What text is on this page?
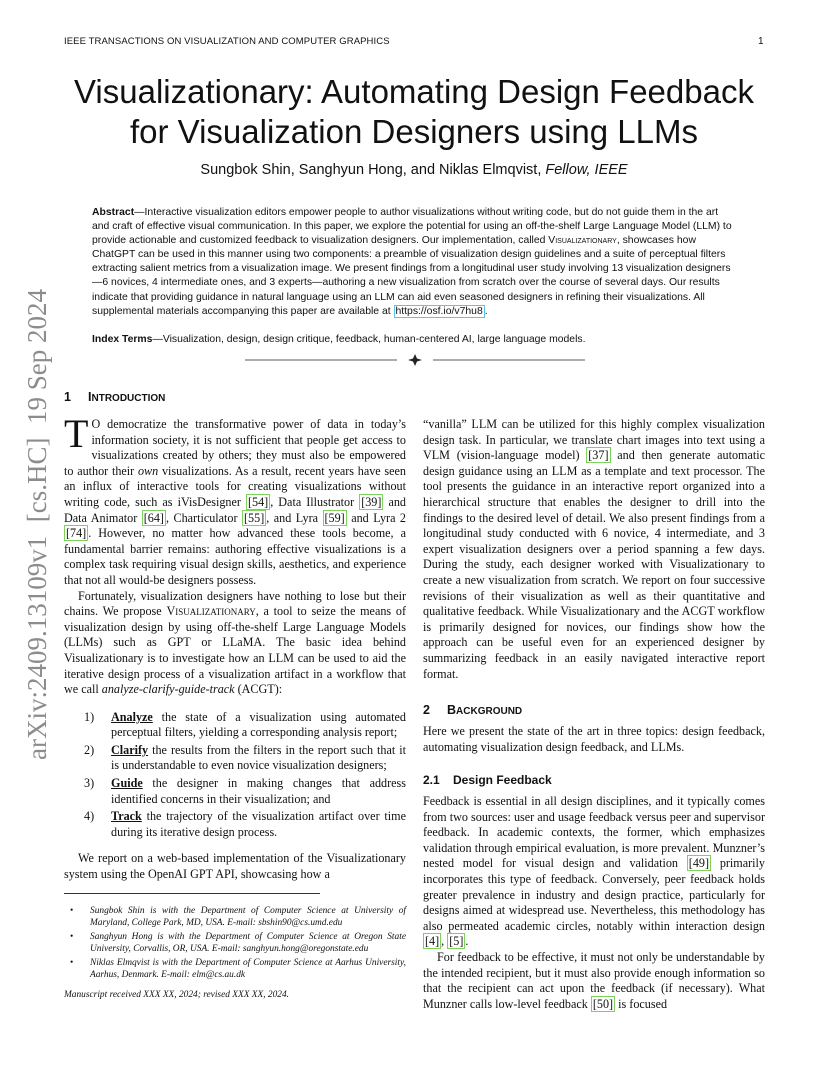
IEEE TRANSACTIONS ON VISUALIZATION AND COMPUTER GRAPHICS	1
arXiv:2409.13109v1  [cs.HC]  19 Sep 2024
Visualizationary: Automating Design Feedback
for Visualization Designers using LLMs
Sungbok Shin, Sanghyun Hong, and Niklas Elmqvist, Fellow, IEEE

Abstract—Interactive visualization editors empower people to author visualizations without writing code, but do not guide them in the art and craft of effective visual communication. In this paper, we explore the potential for using an off-the-shelf Large Language Model (LLM) to provide actionable and customized feedback to visualization designers. Our implementation, called Visualizationary, showcases how ChatGPT can be used in this manner using two components: a preamble of visualization design guidelines and a suite of perceptual filters extracting salient metrics from a visualization image. We present findings from a longitudinal user study involving 13 visualization designers—6 novices, 4 intermediate ones, and 3 experts—authoring a new visualization from scratch over the course of several days. Our results indicate that providing guidance in natural language using an LLM can aid even seasoned designers in refining their visualizations. All supplemental materials accompanying this paper are available at https://osf.io/v7hu8 .

Index Terms—Visualization, design, design critique, feedback, human-centered AI, large language models.

1 INTRODUCTION

T O democratize the transformative power of data in today’s information society, it is not sufficient that people get access to visualizations created by others; they must also be empowered to author their own visualizations. As a result, recent years have seen an influx of interactive tools for creating visualizations without writing code, such as iVisDesigner [54] , Data Illustrator [39] and Data Animator [64] , Charticulator [55] , and Lyra [59] and Lyra 2 [74] . However, no matter how advanced these tools become, a fundamental barrier remains: authoring effective visualizations is a complex task requiring visual design skills, aesthetics, and experience that not all would-be designers possess.

Fortunately, visualization designers have nothing to lose but their chains. We propose Visualizationary, a tool to seize the means of visualization design by using off-the-shelf Large Language Models (LLMs) such as GPT or LLaMA. The basic idea behind Visualizationary is to investigate how an LLM can be used to aid the iterative design process of a visualization artifact in a workflow that we call analyze-clarify-guide-track (ACGT):

1) Analyze the state of a visualization using automated perceptual filters, yielding a corresponding analysis report;
2) Clarify the results from the filters in the report such that it is understandable to even novice visualization designers;
3) Guide the designer in making changes that address identified concerns in their visualization; and
4) Track the trajectory of the visualization artifact over time during its iterative design process.

We report on a web-based implementation of the Visualizationary system using the OpenAI GPT API, showcasing how a

• Sungbok Shin is with the Department of Computer Science at University of Maryland, College Park, MD, USA. E-mail: sbshin90@cs.umd.edu

• Sanghyun Hong is with the Department of Computer Science at Oregon State University, Corvallis, OR, USA. E-mail: sanghyun.hong@oregonstate.edu

• Niklas Elmqvist is with the Department of Computer Science at Aarhus University, Aarhus, Denmark. E-mail: elm@cs.au.dk

Manuscript received XXX XX, 2024; revised XXX XX, 2024.

“vanilla” LLM can be utilized for this highly complex visualization design task. In particular, we translate chart images into text using a VLM (vision-language model) [37] and then generate automatic design guidance using an LLM as a template and text processor. The tool presents the guidance in an interactive report organized into a hierarchical structure that enables the designer to drill into the findings to the desired level of detail. We also present findings from a longitudinal study conducted with 6 novice, 4 intermediate, and 3 expert visualization designers over a period spanning a few days. During the study, each designer worked with Visualizationary to create a new visualization from scratch. We report on four successive revisions of their visualization as well as their quantitative and qualitative feedback. While Visualizationary and the ACGT workflow is primarily designed for novices, our findings show how the approach can be useful even for an experienced designer by summarizing feedback in an easily navigated interactive report format.

2 BACKGROUND
Here we present the state of the art in three topics: design feedback, automating visualization design feedback, and LLMs.
2.1 Design Feedback

Feedback is essential in all design disciplines, and it typically comes from two sources: user and usage feedback versus peer and supervisor feedback. In academic contexts, the former, which emphasizes validation through empirical evaluation, is more prevalent. Munzner’s nested model for visual design and validation [49] primarily incorporates this type of feedback. Conversely, peer feedback holds greater prevalence in industry and design practice, particularly for designs aimed at widespread use. Nevertheless, this methodology has also permeated academic circles, notably within interaction design [4] , [5] .

For feedback to be effective, it must not only be understandable by the intended recipient, but it must also provide enough information so that the recipient can act upon the feedback (if necessary). What Munzner calls low-level feedback [50] is focused
